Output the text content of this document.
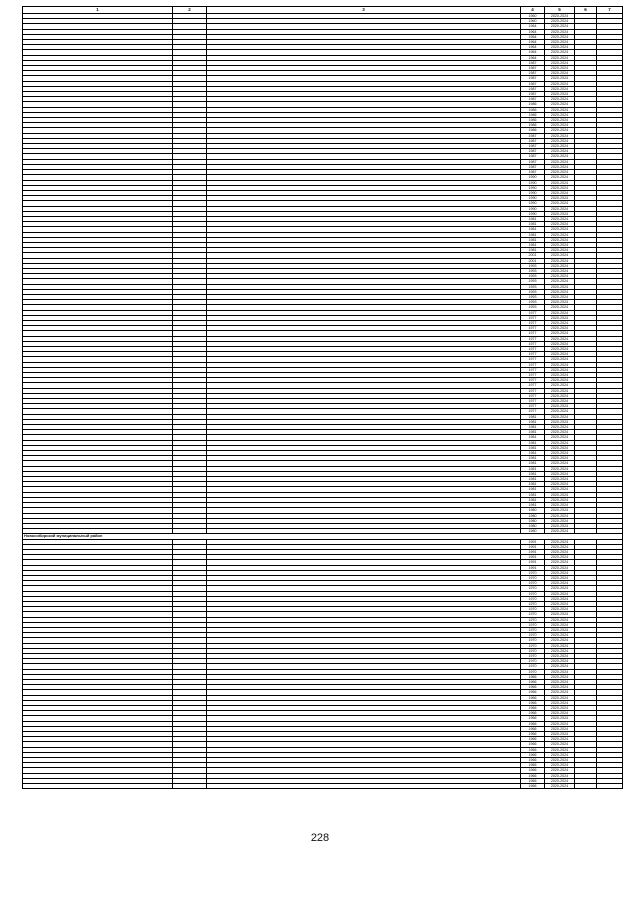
1	2	3	4	5	6	7
			1960	2020-2024		
			1960	2020-2024		
			1964	2020-2024		
			1964	2020-2024		
			1964	2020-2024		
			1964	2020-2024		
			1964	2020-2024		
			1964	2020-2024		
			1964	2020-2024		
			1987	2020-2024		
			1987	2020-2024		
			1987	2020-2024		
			1987	2020-2024		
			1987	2020-2024		
			1987	2020-2024		
			1987	2020-2024		
			1987	2020-2024		
			1986	2020-2024		
			1986	2020-2024		
			1986	2020-2024		
			1986	2020-2024		
			1986	2020-2024		
			1986	2020-2024		
			1987	2020-2024		
			1987	2020-2024		
			1987	2020-2024		
			1987	2020-2024		
			1987	2020-2024		
			1987	2020-2024		
			1987	2020-2024		
			1987	2020-2024		
			1990	2020-2024		
			1990	2020-2024		
			1990	2020-2024		
			1990	2020-2024		
			1990	2020-2024		
			1990	2020-2024		
			1990	2020-2024		
			1990	2020-2024		
			1981	2020-2024		
			1981	2020-2024		
			1981	2020-2024		
			1981	2020-2024		
			1981	2020-2024		
			1981	2020-2024		
			1981	2020-2024		
			2001	2020-2024		
			2001	2020-2024		
			1993	2020-2024		
			1993	2020-2024		
			1993	2020-2024		
			1993	2020-2024		
			1993	2020-2024		
			1993	2020-2024		
			1993	2020-2024		
			1993	2020-2024		
			1993	2020-2024		
			1977	2020-2024		
			1977	2020-2024		
			1977	2020-2024		
			1977	2020-2024		
			1977	2020-2024		
			1977	2020-2024		
			1977	2020-2024		
			1977	2020-2024		
			1977	2020-2024		
			1977	2020-2024		
			1977	2020-2024		
			1977	2020-2024		
			1977	2020-2024		
			1977	2020-2024		
			1977	2020-2024		
			1977	2020-2024		
			1977	2020-2024		
			1977	2020-2024		
			1977	2020-2024		
			1977	2020-2024		
			1981	2020-2024		
			1981	2020-2024		
			1981	2020-2024		
			1981	2020-2024		
			1981	2020-2024		
			1981	2020-2024		
			1981	2020-2024		
			1981	2020-2024		
			1981	2020-2024		
			1981	2020-2024		
			1981	2020-2024		
			1981	2020-2024		
			1981	2020-2024		
			1981	2020-2024		
			1981	2020-2024		
			1981	2020-2024		
			1981	2020-2024		
			1981	2020-2024		
			1980	2020-2024		
			1980	2020-2024		
			1980	2020-2024		
			1980	2020-2024		
			1980	2020-2024		
Новосибирский муниципальный район						
			1991	2020-2024		
			1991	2020-2024		
			1991	2020-2024		
			1991	2020-2024		
			1991	2020-2024		
			1991	2020-2024		
			1970	2020-2024		
			1970	2020-2024		
			1970	2020-2024		
			1970	2020-2024		
			1970	2020-2024		
			1970	2020-2024		
			1970	2020-2024		
			1970	2020-2024		
			1970	2020-2024		
			1970	2020-2024		
			1970	2020-2024		
			1970	2020-2024		
			1970	2020-2024		
			1970	2020-2024		
			1970	2020-2024		
			1970	2020-2024		
			1970	2020-2024		
			1970	2020-2024		
			1970	2020-2024		
			1970	2020-2024		
			1966	2020-2024		
			1966	2020-2024		
			1966	2020-2024		
			1966	2020-2024		
			1966	2020-2024		
			1966	2020-2024		
			1966	2020-2024		
			1966	2020-2024		
			1966	2020-2024		
			1966	2020-2024		
			1966	2020-2024		
			1966	2020-2024		
			1966	2020-2024		
			1966	2020-2024		
			1966	2020-2024		
			1966	2020-2024		
			1966	2020-2024		
			1966	2020-2024		
			1966	2020-2024		
			1966	2020-2024		
			1966	2020-2024		
			1966	2020-2024		
228
